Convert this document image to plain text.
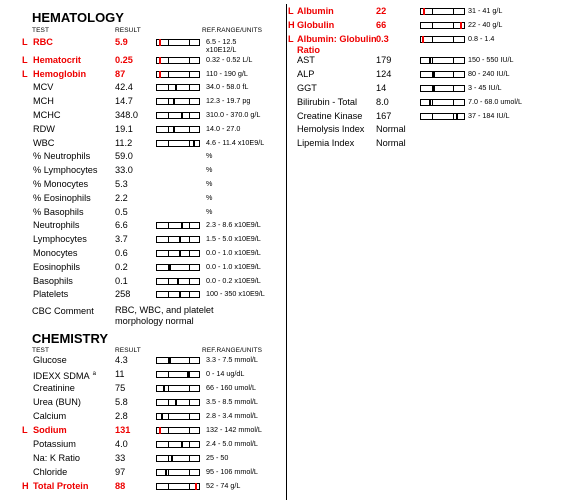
HEMATOLOGY
TEST	RESULT	REF.RANGE/UNITS
L RBC	5.9	6.5 - 12.5
x10E12/L
L Hematocrit	0.25	0.32 - 0.52 L/L
L Hemoglobin	87	110 - 190 g/L
MCV	42.4	34.0 - 58.0 fL
MCH	14.7	12.3 - 19.7 pg
MCHC	348.0	310.0 - 370.0 g/L
RDW	19.1	14.0 - 27.0
WBC	11.2	4.6 - 11.4 x10E9/L
% Neutrophils	59.0	%
% Lymphocytes 33.0	%
% Monocytes	5.3	%
% Eosinophils	2.2	%
% Basophils	0.5	%
Neutrophils	6.6	2.3 - 8.6 x10E9/L
Lymphocytes	3.7	1.5 - 5.0 x10E9/L
Monocytes	0.6	0.0 - 1.0 x10E9/L
Eosinophils	0.2	0.0 - 1.0 x10E9/L
Basophils	0.1	0.0 - 0.2 x10E9/L
Platelets	258	100 - 350 x10E9/L
CBC Comment RBC, WBC, and platelet
morphology normal
CHEMISTRY
TEST	RESULT	REF.RANGE/UNITS
Glucose	4.3	3.3 - 7.5 mmol/L
IDEXX SDMA $^a$ 11	0 - 14 ug/dL
Creatinine	75	66 - 160 umol/L
Urea (BUN)	5.8	3.5 - 8.5 mmol/L
Calcium	2.8	2.8 - 3.4 mmol/L
L Sodium	131	132 - 142 mmol/L
Potassium	4.0	2.4 - 5.0 mmol/L
Na: K Ratio	33	25 - 50
Chloride	97	95 - 106 mmol/L
H Total Protein	88	52 - 74 g/L
L Albumin	22	31 - 41 g/L
H Globulin	66	22 - 40 g/L
L Albumin: Globulin
Ratio
0.3	0.8 - 1.4
AST	179	150 - 550 IU/L
ALP	124	80 - 240 IU/L
GGT	14	3 - 45 IU/L
Bilirubin - Total 8.0	7.0 - 68.0 umol/L
Creatine Kinase 167	37 - 184 IU/L
Hemolysis Index Normal
Lipemia Index Normal
